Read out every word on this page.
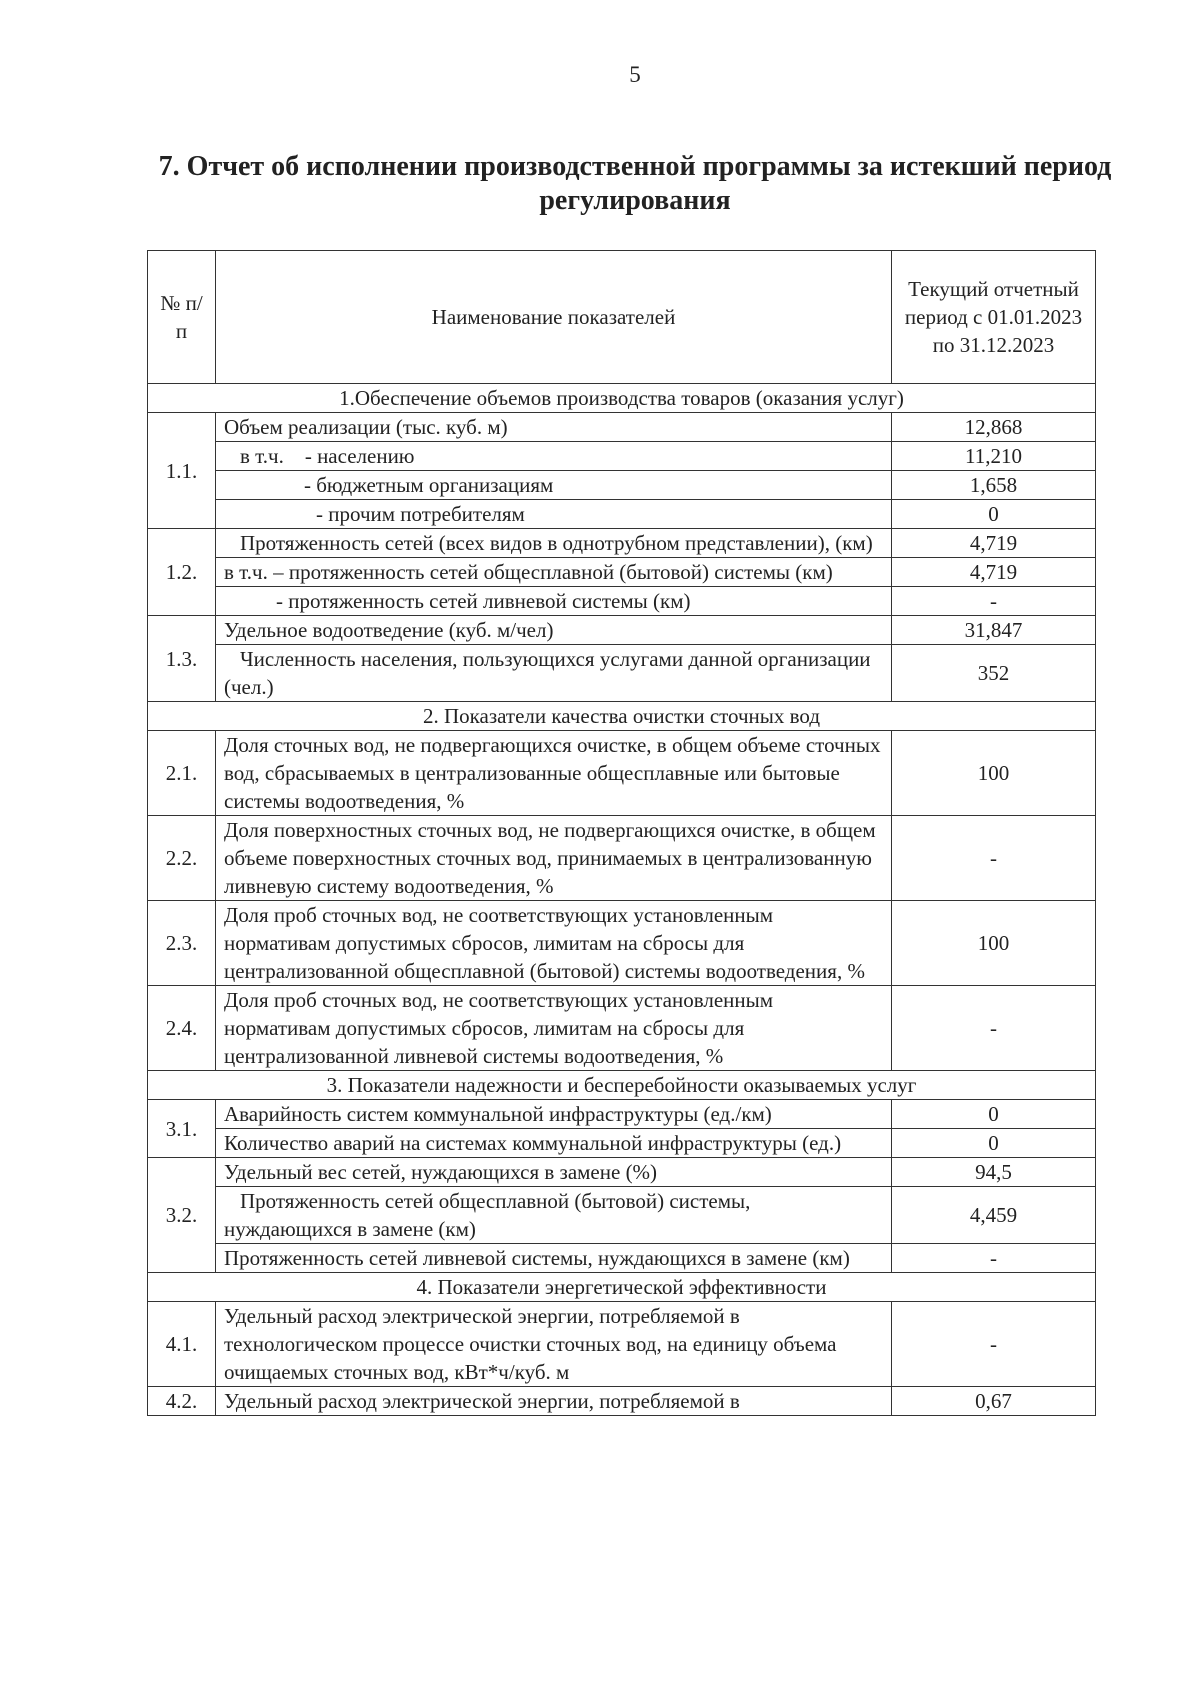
5
7. Отчет об исполнении производственной программы за истекший период регулирования
№ п/п	Наименование показателей	Текущий отчетный период с 01.01.2023 по 31.12.2023
1.Обеспечение объемов производства товаров (оказания услуг)		
1.1.	Объем реализации (тыс. куб. м)	12,868
	в т.ч.    - населению	11,210
	- бюджетным организациям	1,658
	- прочим потребителям	0
1.2.	Протяженность сетей (всех видов в однотрубном представлении), (км)	4,719
	в т.ч. – протяженность сетей общесплавной (бытовой) системы (км)	4,719
	- протяженность сетей ливневой системы (км)	-
1.3.	Удельное водоотведение (куб. м/чел)	31,847
	Численность населения, пользующихся услугами данной организации (чел.)	352
2. Показатели качества очистки сточных вод		
2.1.	Доля сточных вод, не подвергающихся очистке, в общем объеме сточных вод, сбрасываемых в централизованные общесплавные или бытовые системы водоотведения, %	100
2.2.	Доля поверхностных сточных вод, не подвергающихся очистке, в общем объеме поверхностных сточных вод, принимаемых в централизованную ливневую систему водоотведения, %	-
2.3.	Доля проб сточных вод, не соответствующих установленным нормативам допустимых сбросов, лимитам на сбросы для централизованной общесплавной (бытовой) системы водоотведения, %	100
2.4.	Доля проб сточных вод, не соответствующих установленным нормативам допустимых сбросов, лимитам на сбросы для централизованной ливневой системы водоотведения, %	-
3. Показатели надежности и бесперебойности оказываемых услуг		
3.1.	Аварийность систем коммунальной инфраструктуры (ед./км)	0
	Количество аварий на системах коммунальной инфраструктуры (ед.)	0
3.2.	Удельный вес сетей, нуждающихся в замене (%)	94,5
	Протяженность сетей общесплавной (бытовой) системы, нуждающихся в замене (км)	4,459
	Протяженность сетей ливневой системы, нуждающихся в замене (км)	-
4. Показатели энергетической эффективности		
4.1.	Удельный расход электрической энергии, потребляемой в технологическом процессе очистки сточных вод, на единицу объема очищаемых сточных вод, кВт*ч/куб. м	-
4.2.	Удельный расход электрической энергии, потребляемой в	0,67
